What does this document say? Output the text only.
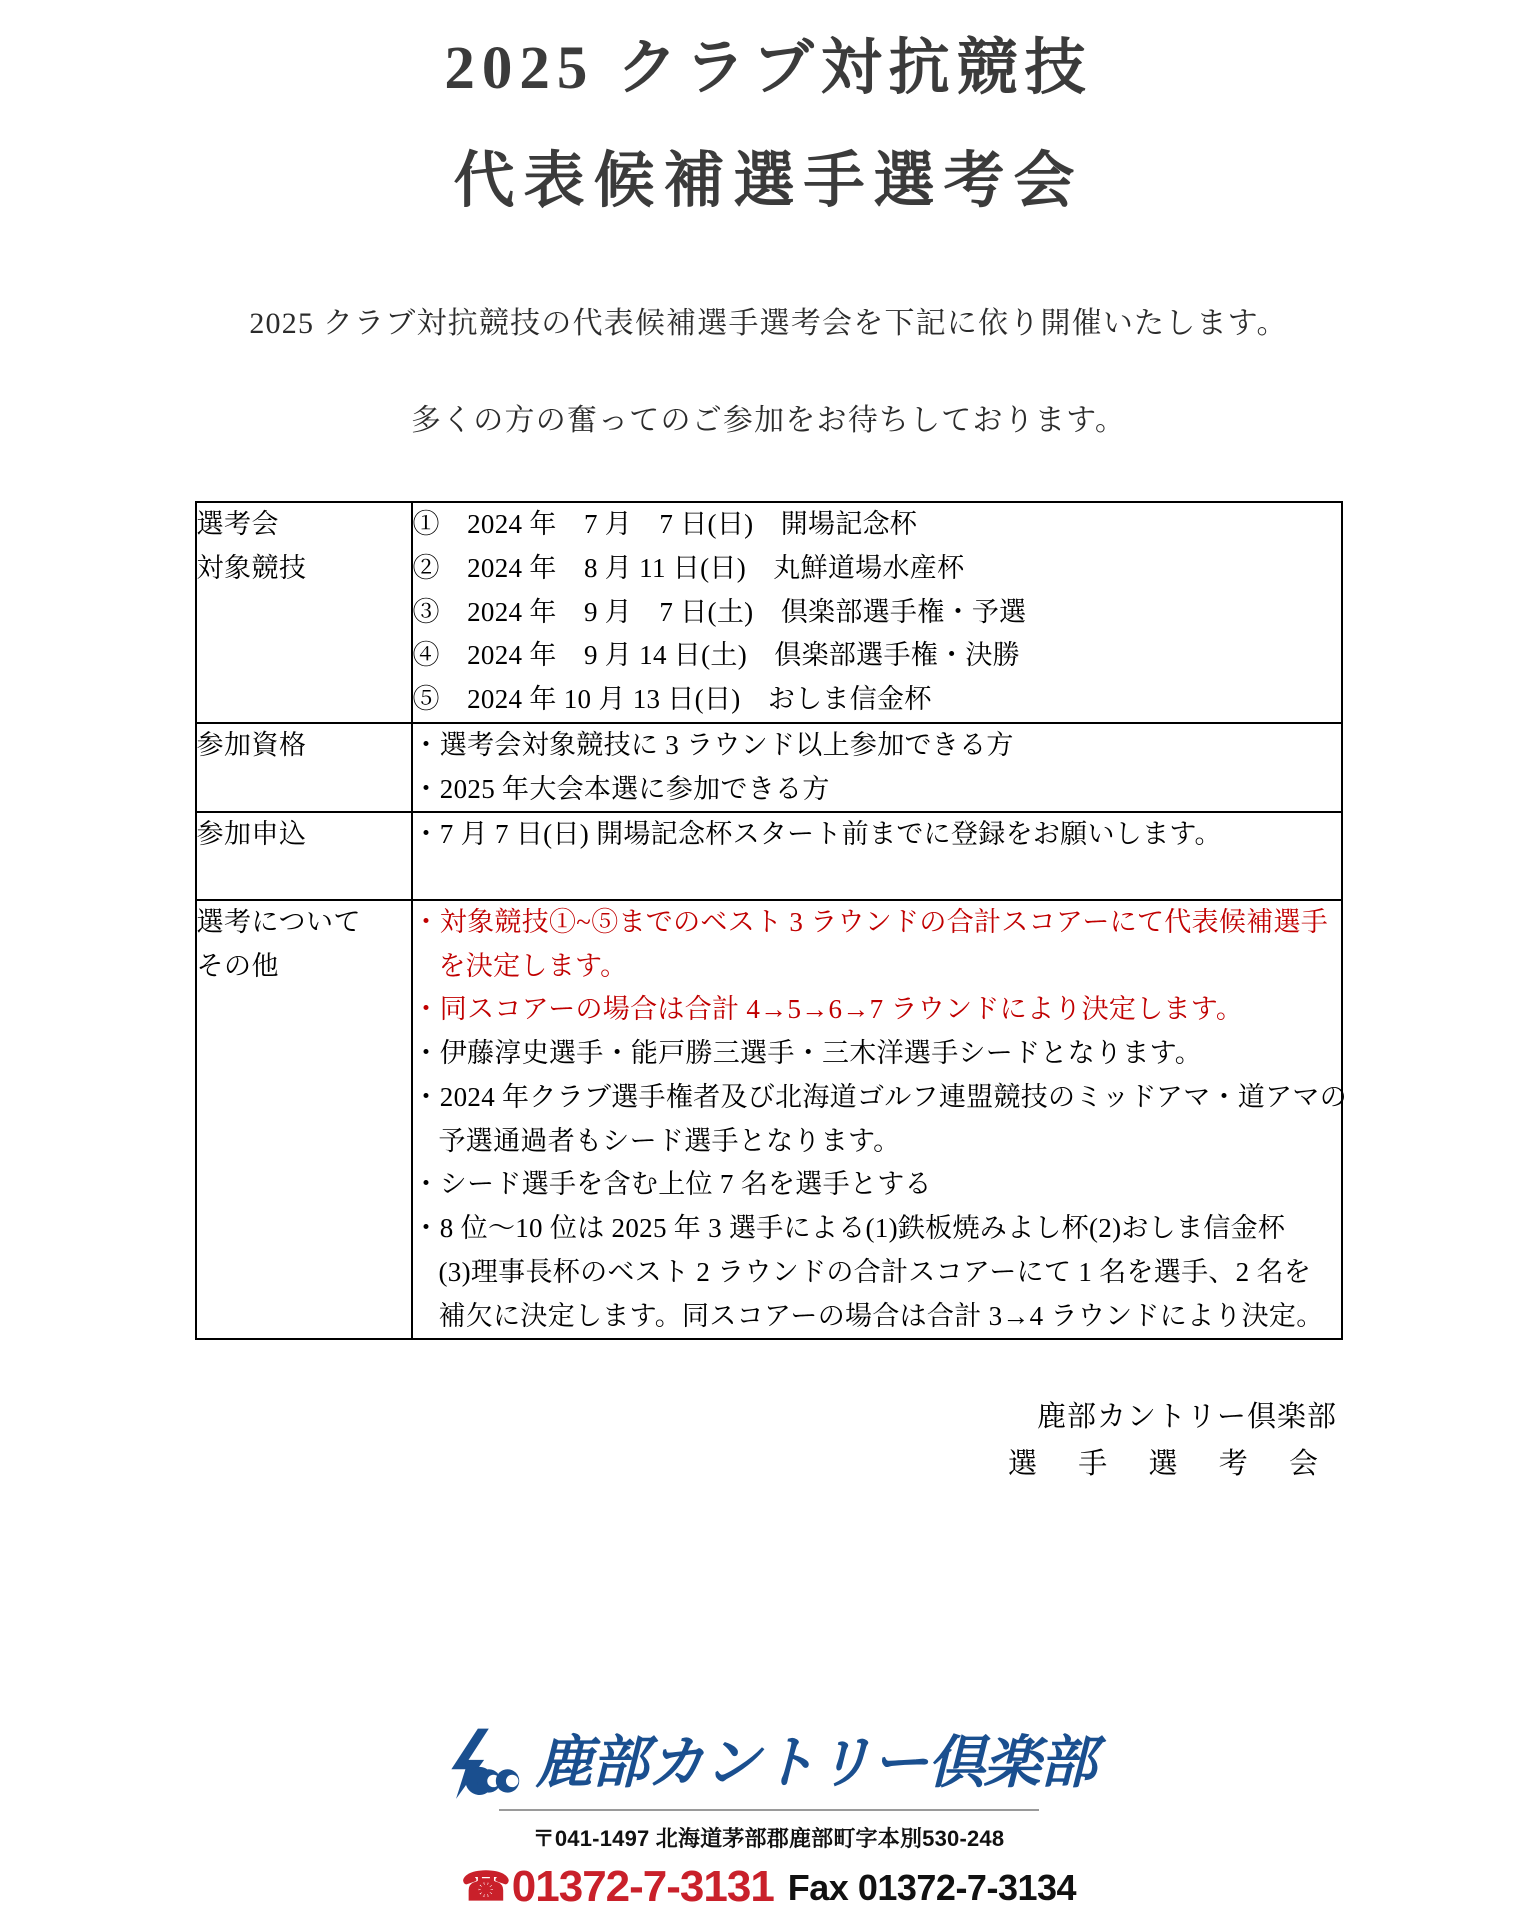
2025 クラブ対抗競技
代表候補選手選考会
2025 クラブ対抗競技の代表候補選手選考会を下記に依り開催いたします。
多くの方の奮ってのご参加をお待ちしております。
選考会
対象競技

①　2024 年　7 月　7 日(日)　開場記念杯
②　2024 年　8 月 11 日(日)　丸鮮道場水産杯
③　2024 年　9 月　7 日(土)　倶楽部選手権・予選
④　2024 年　9 月 14 日(土)　倶楽部選手権・決勝
⑤　2024 年 10 月 13 日(日)　おしま信金杯

参加資格	・選考会対象競技に 3 ラウンド以上参加できる方
・2025 年大会本選に参加できる方

参加申込	・7 月 7 日(日) 開場記念杯スタート前までに登録をお願いします。

選考について
その他

・対象競技①~⑤までのベスト 3 ラウンドの合計スコアーにて代表候補選手
を決定します。
・同スコアーの場合は合計 4→5→6→7 ラウンドにより決定します。
・伊藤淳史選手・能戸勝三選手・三木洋選手シードとなります。
・2024 年クラブ選手権者及び北海道ゴルフ連盟競技のミッドアマ・道アマの
予選通過者もシード選手となります。
・シード選手を含む上位 7 名を選手とする
・8 位～10 位は 2025 年 3 選手による(1)鉄板焼みよし杯(2)おしま信金杯
(3)理事長杯のベスト 2 ラウンドの合計スコアーにて 1 名を選手、2 名を
補欠に決定します。同スコアーの場合は合計 3→4 ラウンドにより決定。
鹿部カントリー倶楽部
選 手 選 考 会
鹿部カントリー倶楽部
〒041-1497 北海道茅部郡鹿部町字本別530-248
☎ 01372-7-3131 Fax 01372-7-3134
